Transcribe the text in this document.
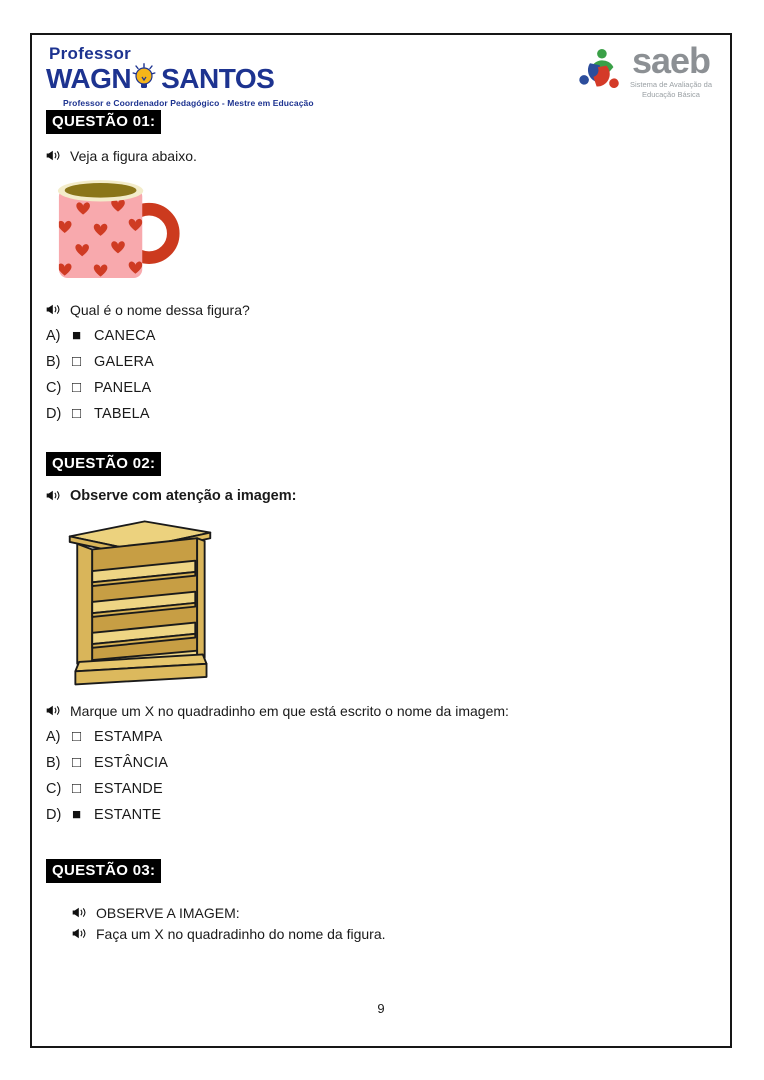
Professor
WAGN SANTOS
Professor e Coordenador Pedagógico - Mestre em Educação
saeb
Sistema de Avaliação da
Educação Básica
QUESTÃO 01:
Veja a figura abaixo.
Qual é o nome dessa figura?
A) ■ CANECA
B) □ GALERA
C) □ PANELA
D) □ TABELA
QUESTÃO 02:
Observe com atenção a imagem:
Marque um X no quadradinho em que está escrito o nome da imagem:
A) □ ESTAMPA
B) □ ESTÂNCIA
C) □ ESTANDE
D) ■ ESTANTE
QUESTÃO 03:
OBSERVE A IMAGEM:
Faça um X no quadradinho do nome da figura.
9
